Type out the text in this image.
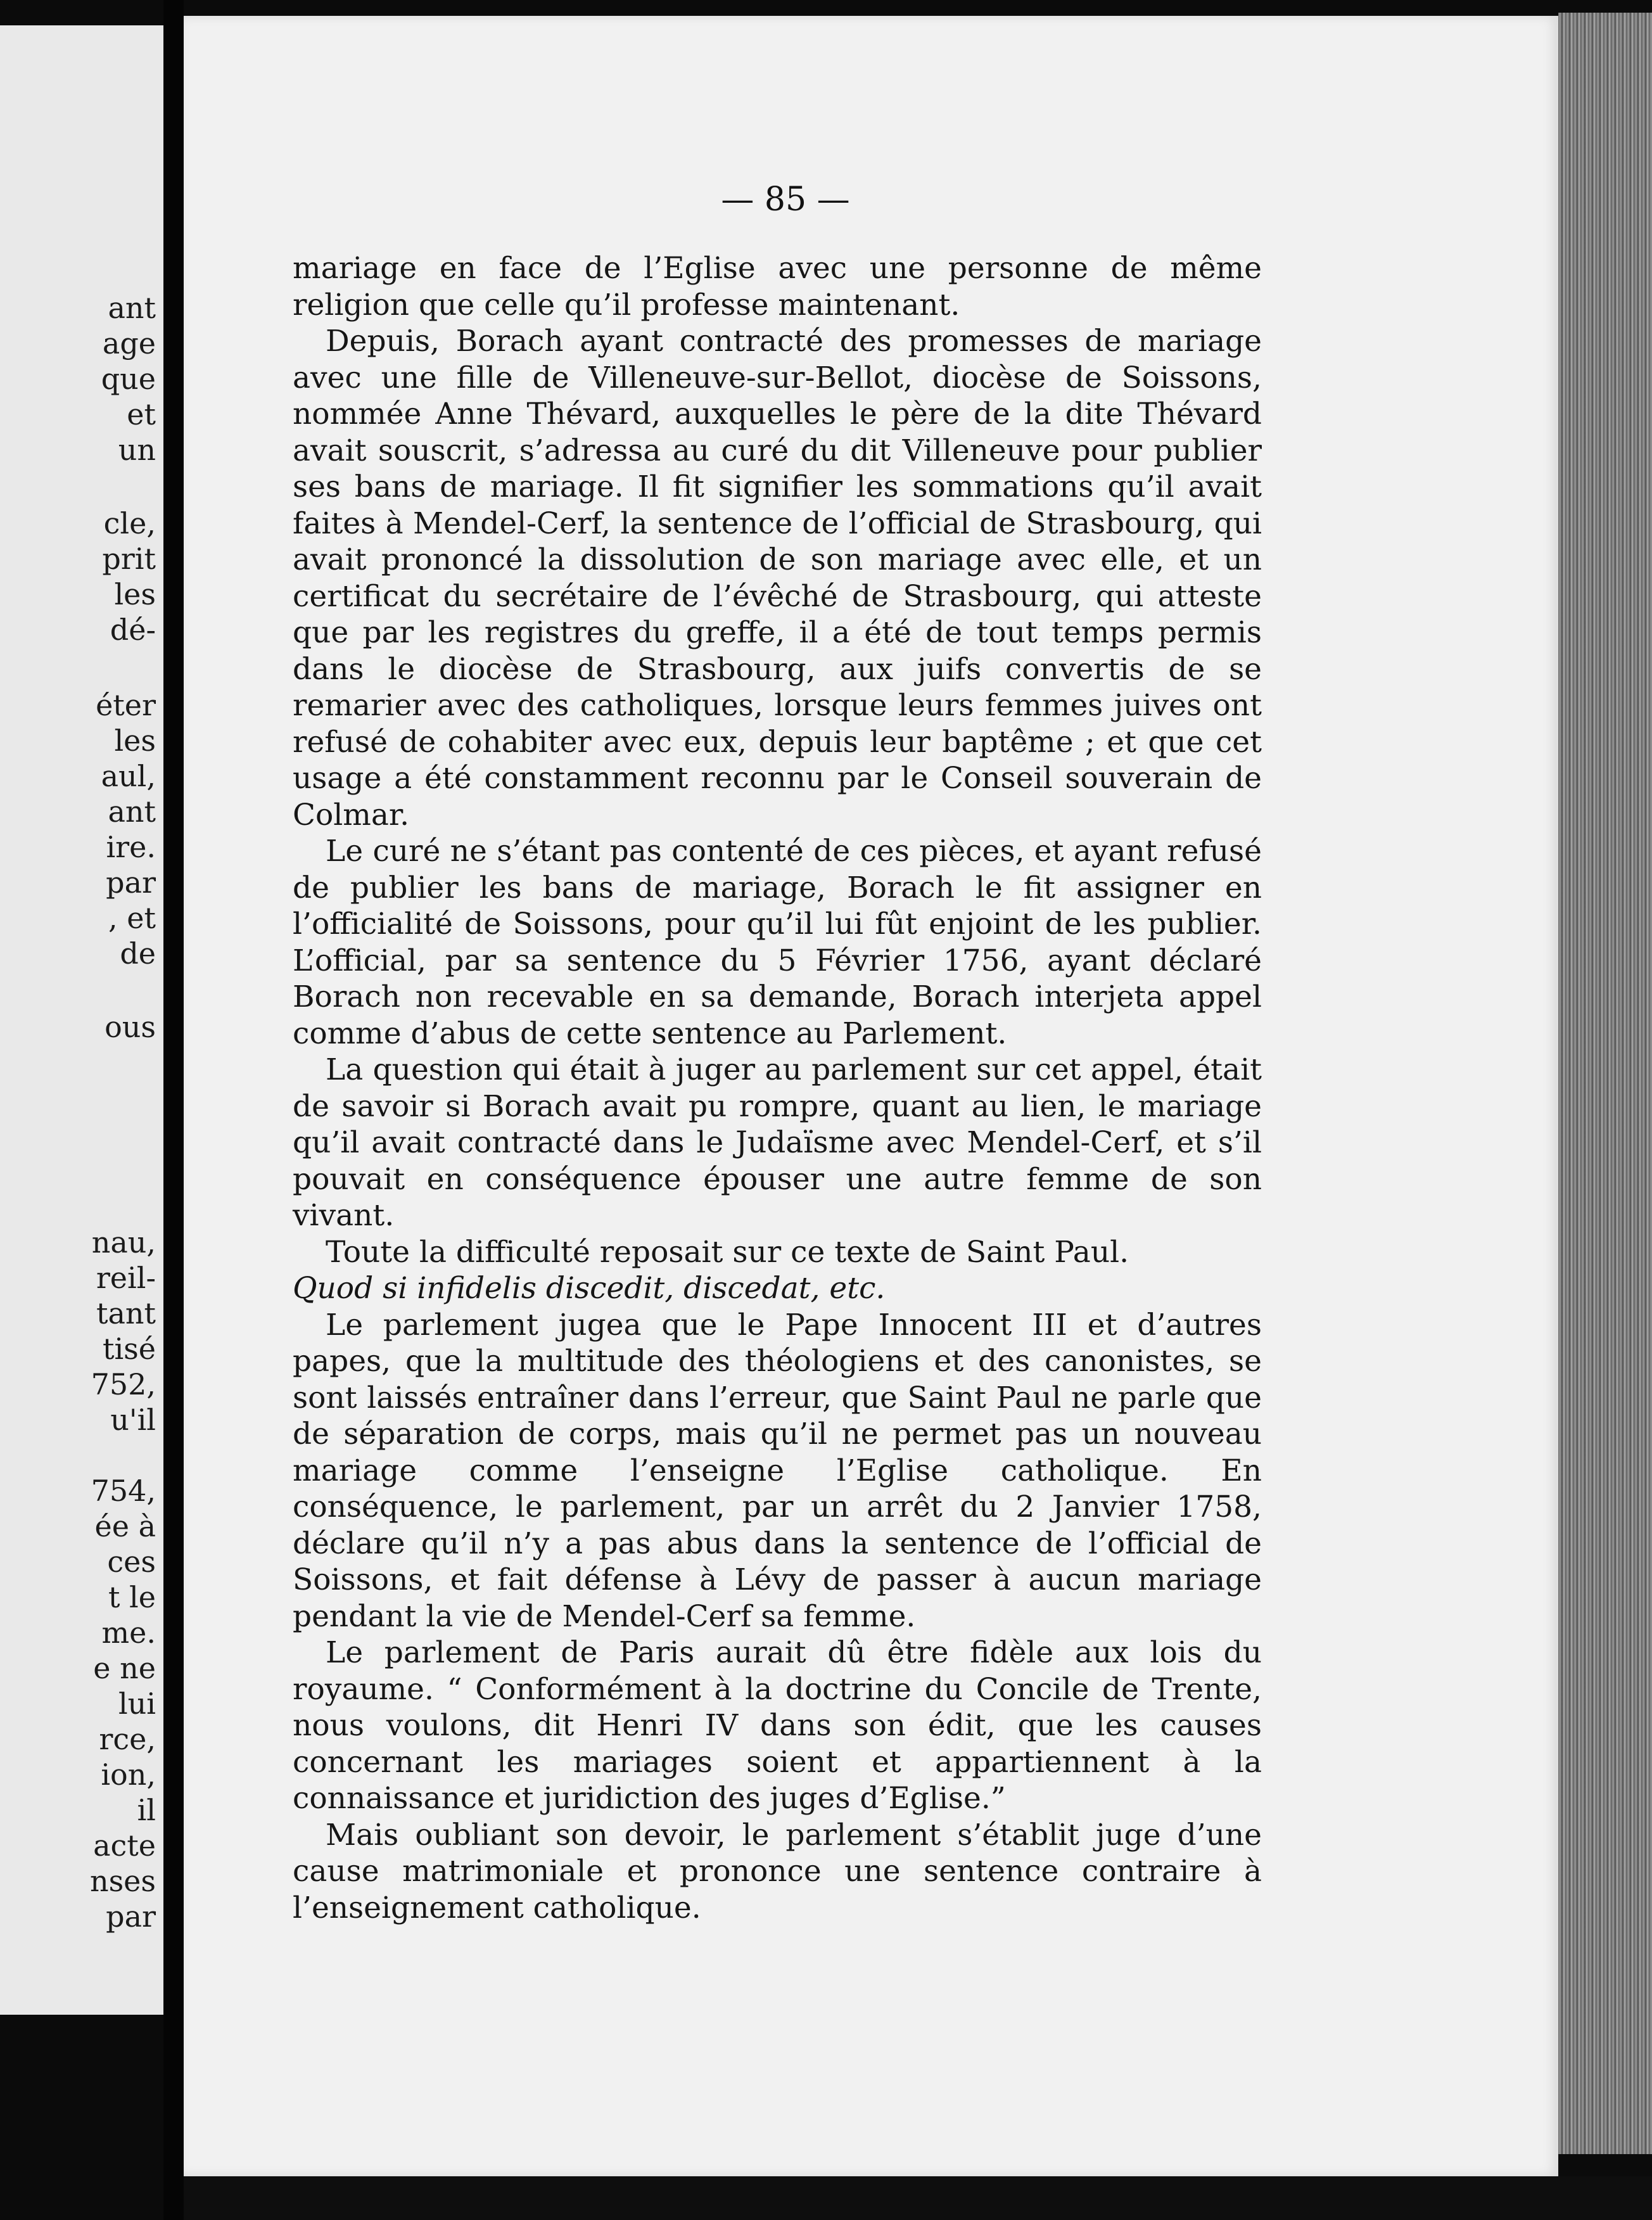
ant
age
que
et
un
cle,
prit
les
dé-
éter
les
aul,
ant
ire.
par
, et
de
ous
nau,
reil-
tant
tisé
752,
u'il
754,
ée à
ces
t le
me.
e ne
lui
rce,
ion,
il
acte
nses
par
— 85 —

mariage en face de l’Eglise avec une personne de même religion que celle qu’il professe maintenant.

Depuis, Borach ayant contracté des promesses de mariage avec une fille de Villeneuve-sur-Bellot, diocèse de Soissons, nommée Anne Thévard, auxquelles le père de la dite Thévard avait souscrit, s’adressa au curé du dit Villeneuve pour publier ses bans de mariage. Il fit signifier les sommations qu’il avait faites à Mendel-Cerf, la sentence de l’official de Strasbourg, qui avait prononcé la dissolution de son mariage avec elle, et un certificat du secrétaire de l’évêché de Strasbourg, qui atteste que par les registres du greffe, il a été de tout temps permis dans le diocèse de Strasbourg, aux juifs convertis de se remarier avec des catholiques, lorsque leurs femmes juives ont refusé de cohabiter avec eux, depuis leur baptême ; et que cet usage a été constamment reconnu par le Conseil souverain de Colmar.

Le curé ne s’étant pas contenté de ces pièces, et ayant refusé de publier les bans de mariage, Borach le fit assigner en l’officialité de Soissons, pour qu’il lui fût enjoint de les publier. L’official, par sa sentence du 5 Février 1756, ayant déclaré Borach non recevable en sa demande, Borach interjeta appel comme d’abus de cette sentence au Parlement.

La question qui était à juger au parlement sur cet appel, était de savoir si Borach avait pu rompre, quant au lien, le mariage qu’il avait contracté dans le Judaïsme avec Mendel-Cerf, et s’il pouvait en conséquence épouser une autre femme de son vivant.

Toute la difficulté reposait sur ce texte de Saint Paul.

Quod si infidelis discedit, discedat, etc.

Le parlement jugea que le Pape Innocent III et d’autres papes, que la multitude des théologiens et des canonistes, se sont laissés entraîner dans l’erreur, que Saint Paul ne parle que de séparation de corps, mais qu’il ne permet pas un nouveau mariage comme l’enseigne l’Eglise catholique. En conséquence, le parlement, par un arrêt du 2 Janvier 1758, déclare qu’il n’y a pas abus dans la sentence de l’official de Soissons, et fait défense à Lévy de passer à aucun mariage pendant la vie de Mendel-Cerf sa femme.

Le parlement de Paris aurait dû être fidèle aux lois du royaume. “ Conformément à la doctrine du Concile de Trente, nous voulons, dit Henri IV dans son édit, que les causes concernant les mariages soient et appartiennent à la connaissance et juridiction des juges d’Eglise.”

Mais oubliant son devoir, le parlement s’établit juge d’une cause matrimoniale et prononce une sentence contraire à l’enseignement catholique.
